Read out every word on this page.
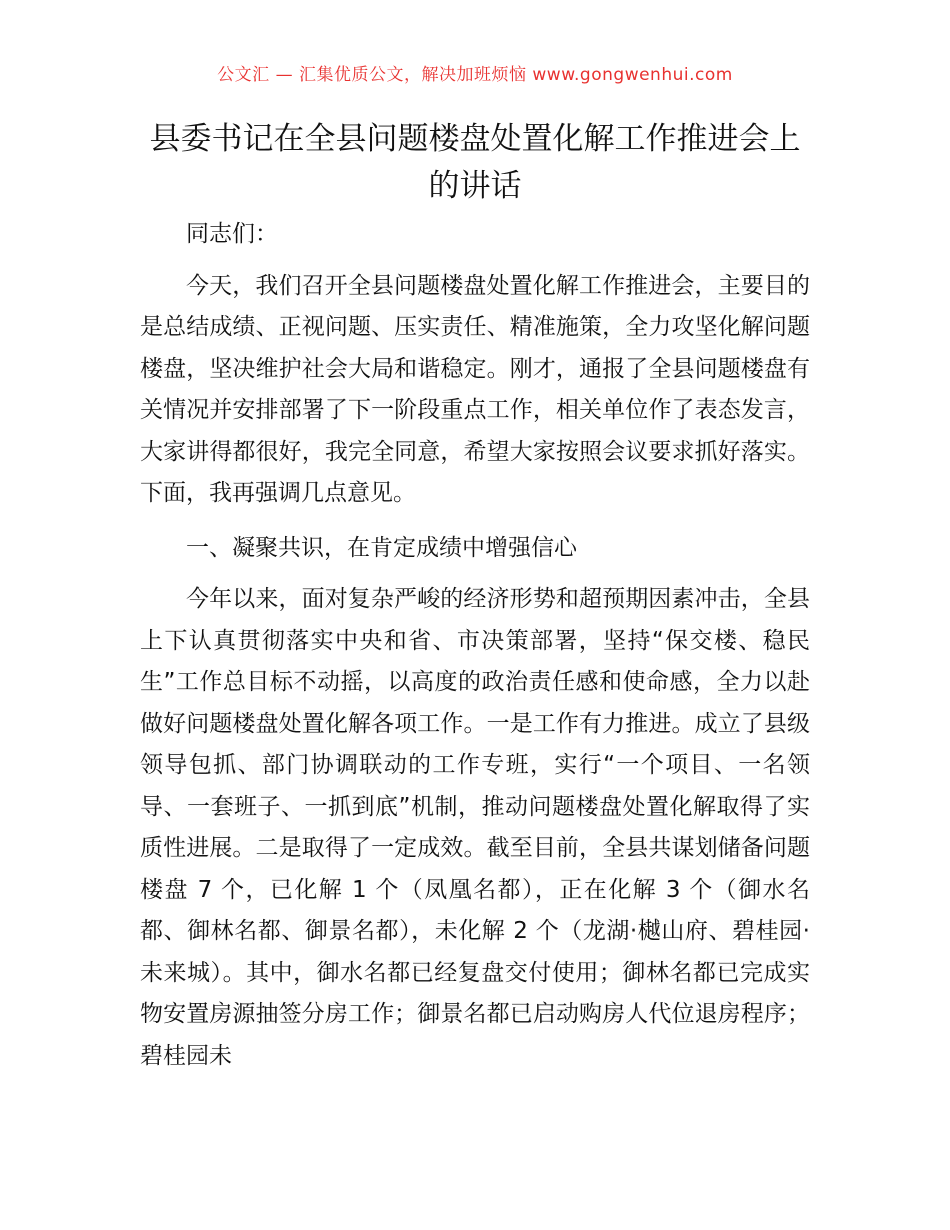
公文汇 — 汇集优质公文，解决加班烦恼 www.gongwenhui.com
县委书记在全县问题楼盘处置化解工作推进会上的讲话

同志们：

今天，我们召开全县问题楼盘处置化解工作推进会，主要目的是总结成绩、正视问题、压实责任、精准施策，全力攻坚化解问题楼盘，坚决维护社会大局和谐稳定。刚才，通报了全县问题楼盘有关情况并安排部署了下一阶段重点工作，相关单位作了表态发言，大家讲得都很好，我完全同意，希望大家按照会议要求抓好落实。下面，我再强调几点意见。

一、凝聚共识，在肯定成绩中增强信心

今年以来，面对复杂严峻的经济形势和超预期因素冲击，全县上下认真贯彻落实中央和省、市决策部署，坚持“保交楼、稳民生”工作总目标不动摇，以高度的政治责任感和使命感，全力以赴做好问题楼盘处置化解各项工作。一是工作有力推进。成立了县级领导包抓、部门协调联动的工作专班，实行“一个项目、一名领导、一套班子、一抓到底”机制，推动问题楼盘处置化解取得了实质性进展。二是取得了一定成效。截至目前，全县共谋划储备问题楼盘 7 个，已化解 1 个（凤凰名都），正在化解 3 个（御水名都、御林名都、御景名都），未化解 2 个（龙湖·樾山府、碧桂园·未来城）。其中，御水名都已经复盘交付使用；御林名都已完成实物安置房源抽签分房工作；御景名都已启动购房人代位退房程序；碧桂园未
